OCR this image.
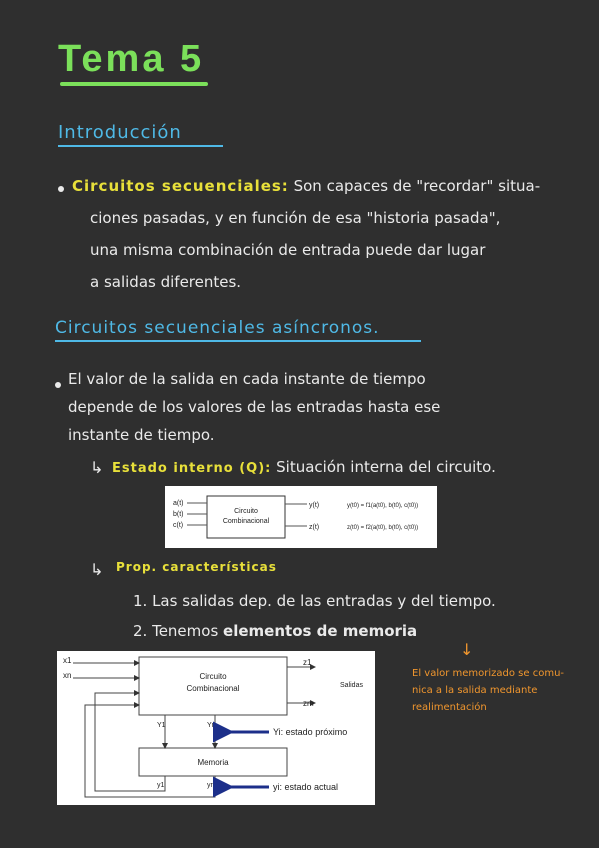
Tema 5
Introducción
Circuitos secuenciales: Son capaces de "recordar" situa-
ciones pasadas, y en función de esa "historia pasada",
una misma combinación de entrada puede dar lugar
a salidas diferentes.
Circuitos secuenciales asíncronos.
El valor de la salida en cada instante de tiempo
depende de los valores de las entradas hasta ese
instante de tiempo.
↳ Estado interno (Q): Situación interna del circuito.
a(t)
b(t)
c(t)
Circuito
Combinacional
y(t)
z(t)
y(t0) = f1(a(t0), b(t0), c(t0))
z(t0) = f2(a(t0), b(t0), c(t0))
↳ Prop. características
1. Las salidas dep. de las entradas y del tiempo.
2. Tenemos elementos de memoria
↓
El valor memorizado se comu-
nica a la salida mediante
realimentación
x1
xn
z1
zm
Salidas
Circuito
Combinacional
Memoria
Y1	Yr
y1	yr
Yi: estado próximo
yi: estado actual
